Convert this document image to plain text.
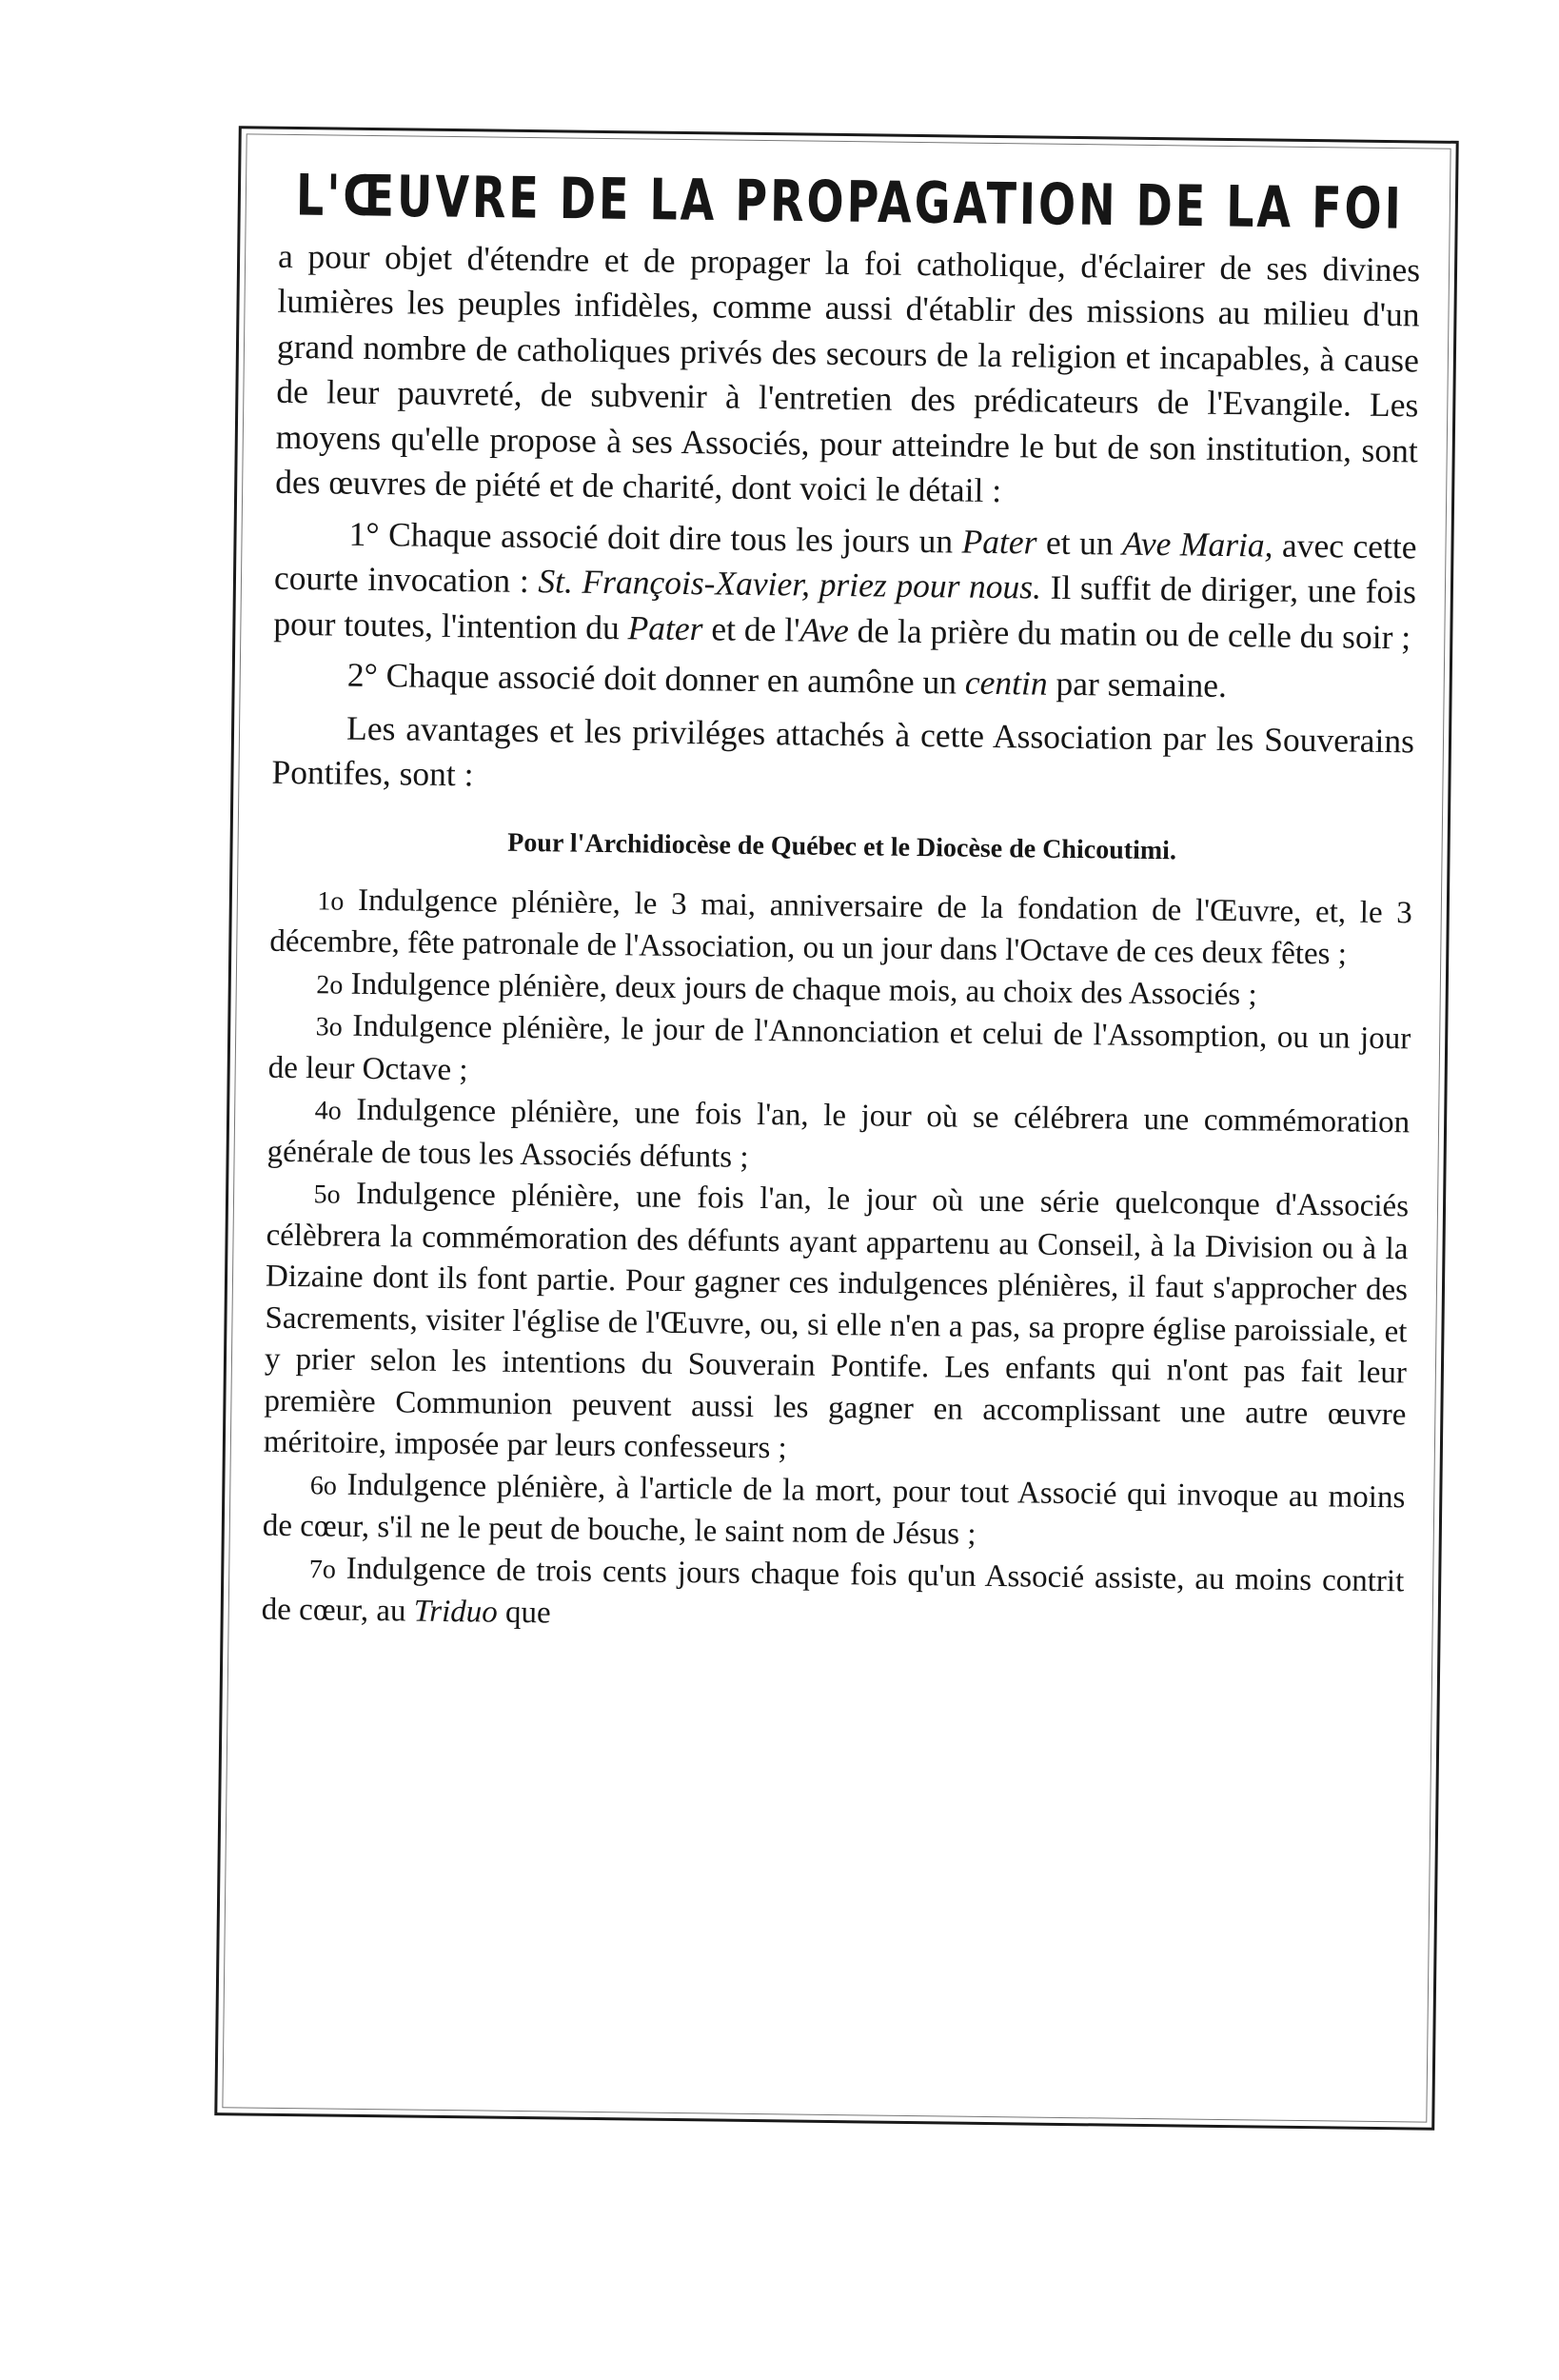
L'ŒUVRE DE LA PROPAGATION DE LA FOI

a pour objet d'étendre et de propager la foi catholique, d'éclairer de ses divines lumières les peuples infidèles, comme aussi d'établir des missions au milieu d'un grand nombre de catholiques privés des secours de la religion et incapables, à cause de leur pauvreté, de subvenir à l'entretien des prédicateurs de l'Evangile. Les moyens qu'elle propose à ses Associés, pour atteindre le but de son institution, sont des œuvres de piété et de charité, dont voici le détail :

1° Chaque associé doit dire tous les jours un Pater et un Ave Maria, avec cette courte invocation : St. François-Xavier, priez pour nous. Il suffit de diriger, une fois pour toutes, l'intention du Pater et de l'Ave de la prière du matin ou de celle du soir ;

2° Chaque associé doit donner en aumône un centin par semaine.

Les avantages et les priviléges attachés à cette Association par les Souverains Pontifes, sont :

Pour l'Archidiocèse de Québec et le Diocèse de Chicoutimi.

1o Indulgence plénière, le 3 mai, anniversaire de la fondation de l'Œuvre, et, le 3 décembre, fête patronale de l'Association, ou un jour dans l'Octave de ces deux fêtes ;

2o Indulgence plénière, deux jours de chaque mois, au choix des Associés ;

3o Indulgence plénière, le jour de l'Annonciation et celui de l'Assomption, ou un jour de leur Octave ;

4o Indulgence plénière, une fois l'an, le jour où se célébrera une commémoration générale de tous les Associés défunts ;

5o Indulgence plénière, une fois l'an, le jour où une série quelconque d'Associés célèbrera la commémoration des défunts ayant appartenu au Conseil, à la Division ou à la Dizaine dont ils font partie. Pour gagner ces indulgences plénières, il faut s'approcher des Sacrements, visiter l'église de l'Œuvre, ou, si elle n'en a pas, sa propre église paroissiale, et y prier selon les intentions du Souverain Pontife. Les enfants qui n'ont pas fait leur première Communion peuvent aussi les gagner en accomplissant une autre œuvre méritoire, imposée par leurs confesseurs ;

6o Indulgence plénière, à l'article de la mort, pour tout Associé qui invoque au moins de cœur, s'il ne le peut de bouche, le saint nom de Jésus ;

7o Indulgence de trois cents jours chaque fois qu'un Associé assiste, au moins contrit de cœur, au Triduo que
